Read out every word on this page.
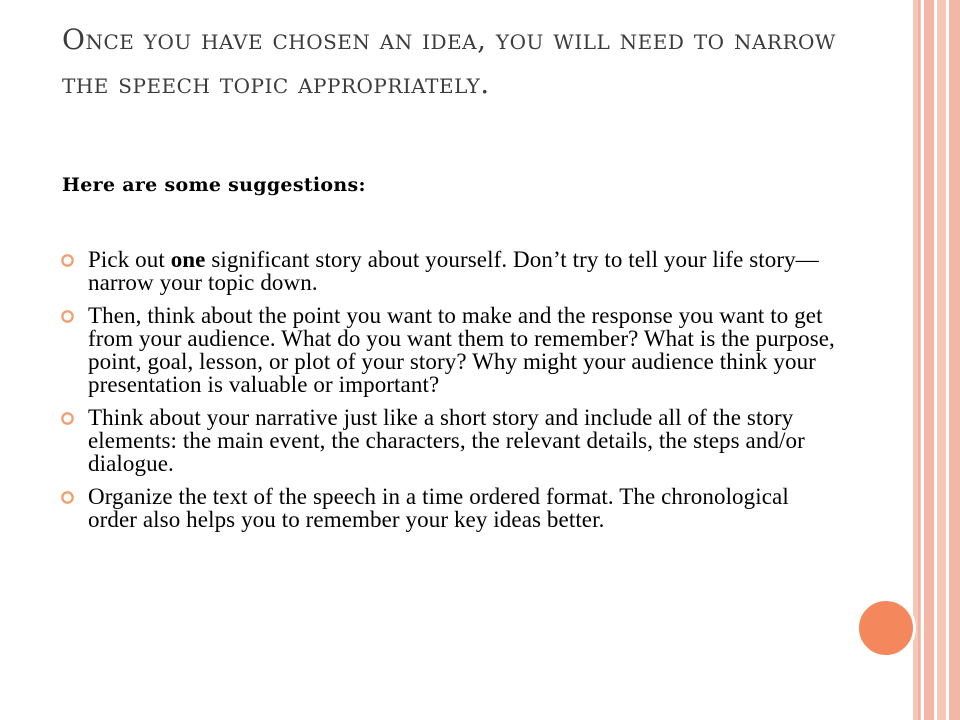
Once you have chosen an idea, you will need to narrow the speech topic appropriately.

Here are some suggestions:

Pick out one significant story about yourself. Don’t try to tell your life story—narrow your topic down.
Then, think about the point you want to make and the response you want to get from your audience. What do you want them to remember? What is the purpose, point, goal, lesson, or plot of your story? Why might your audience think your presentation is valuable or important?
Think about your narrative just like a short story and include all of the story elements: the main event, the characters, the relevant details, the steps and/or dialogue.
Organize the text of the speech in a time ordered format. The chronological order also helps you to remember your key ideas better.
